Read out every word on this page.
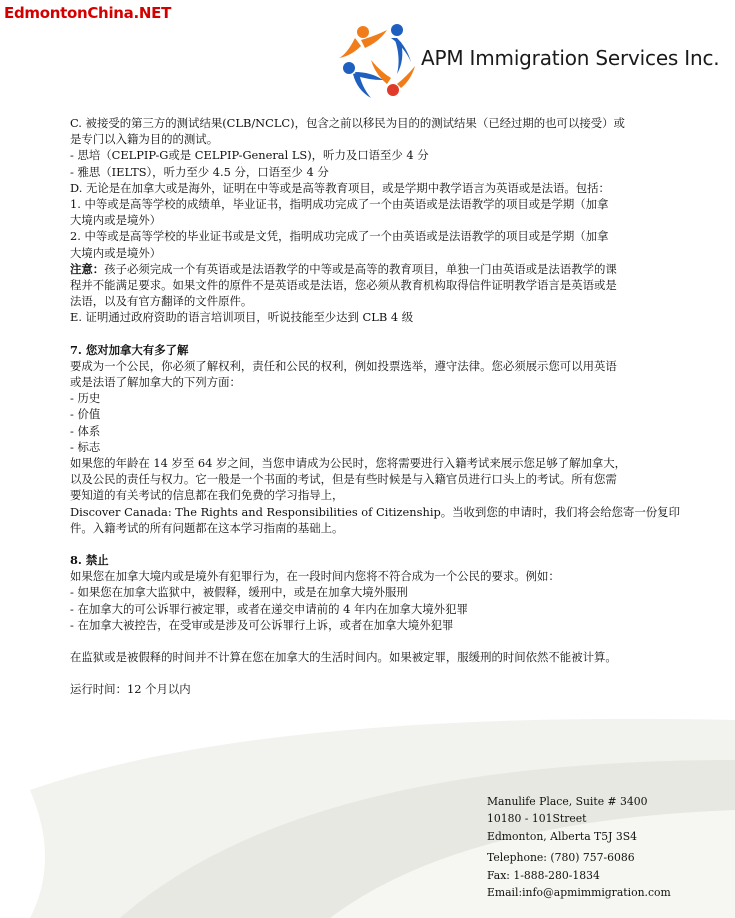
EdmontonChina.NET
APM Immigration Services Inc.

C. 被接受的第三方的测试结果(CLB/NCLC)，包含之前以移民为目的的测试结果（已经过期的也可以接受）或

是专门以入籍为目的的测试。

- 思培（CELPIP-G或是 CELPIP-General LS)，听力及口语至少 4 分

- 雅思（IELTS），听力至少 4.5 分，口语至少 4 分

D. 无论是在加拿大或是海外，证明在中等或是高等教育项目，或是学期中教学语言为英语或是法语。包括：

1. 中等或是高等学校的成绩单，毕业证书，指明成功完成了一个由英语或是法语教学的项目或是学期（加拿

大境内或是境外）

2. 中等或是高等学校的毕业证书或是文凭，指明成功完成了一个由英语或是法语教学的项目或是学期（加拿

大境内或是境外）

注意：孩子必须完成一个有英语或是法语教学的中等或是高等的教育项目，单独一门由英语或是法语教学的课

程并不能满足要求。如果文件的原件不是英语或是法语，您必须从教育机构取得信件证明教学语言是英语或是

法语，以及有官方翻译的文件原件。

E. 证明通过政府资助的语言培训项目，听说技能至少达到 CLB 4 级

7. 您对加拿大有多了解

要成为一个公民，你必须了解权利，责任和公民的权利，例如投票选举，遵守法律。您必须展示您可以用英语

或是法语了解加拿大的下列方面：

- 历史

- 价值

- 体系

- 标志

如果您的年龄在 14 岁至 64 岁之间，当您申请成为公民时，您将需要进行入籍考试来展示您足够了解加拿大，

以及公民的责任与权力。它一般是一个书面的考试，但是有些时候是与入籍官员进行口头上的考试。所有您需

要知道的有关考试的信息都在我们免费的学习指导上，

Discover Canada: The Rights and Responsibilities of Citizenship。当收到您的申请时，我们将会给您寄一份复印

件。入籍考试的所有问题都在这本学习指南的基础上。

8. 禁止

如果您在加拿大境内或是境外有犯罪行为，在一段时间内您将不符合成为一个公民的要求。例如：

- 如果您在加拿大监狱中，被假释，缓刑中，或是在加拿大境外服刑

- 在加拿大的可公诉罪行被定罪，或者在递交申请前的 4 年内在加拿大境外犯罪

- 在加拿大被控告，在受审或是涉及可公诉罪行上诉，或者在加拿大境外犯罪

在监狱或是被假释的时间并不计算在您在加拿大的生活时间内。如果被定罪，服缓刑的时间依然不能被计算。

运行时间：12 个月以内

Manulife Place, Suite # 3400

10180 - 101Street

Edmonton, Alberta T5J 3S4

Telephone: (780) 757-6086

Fax: 1-888-280-1834

Email:info@apmimmigration.com
